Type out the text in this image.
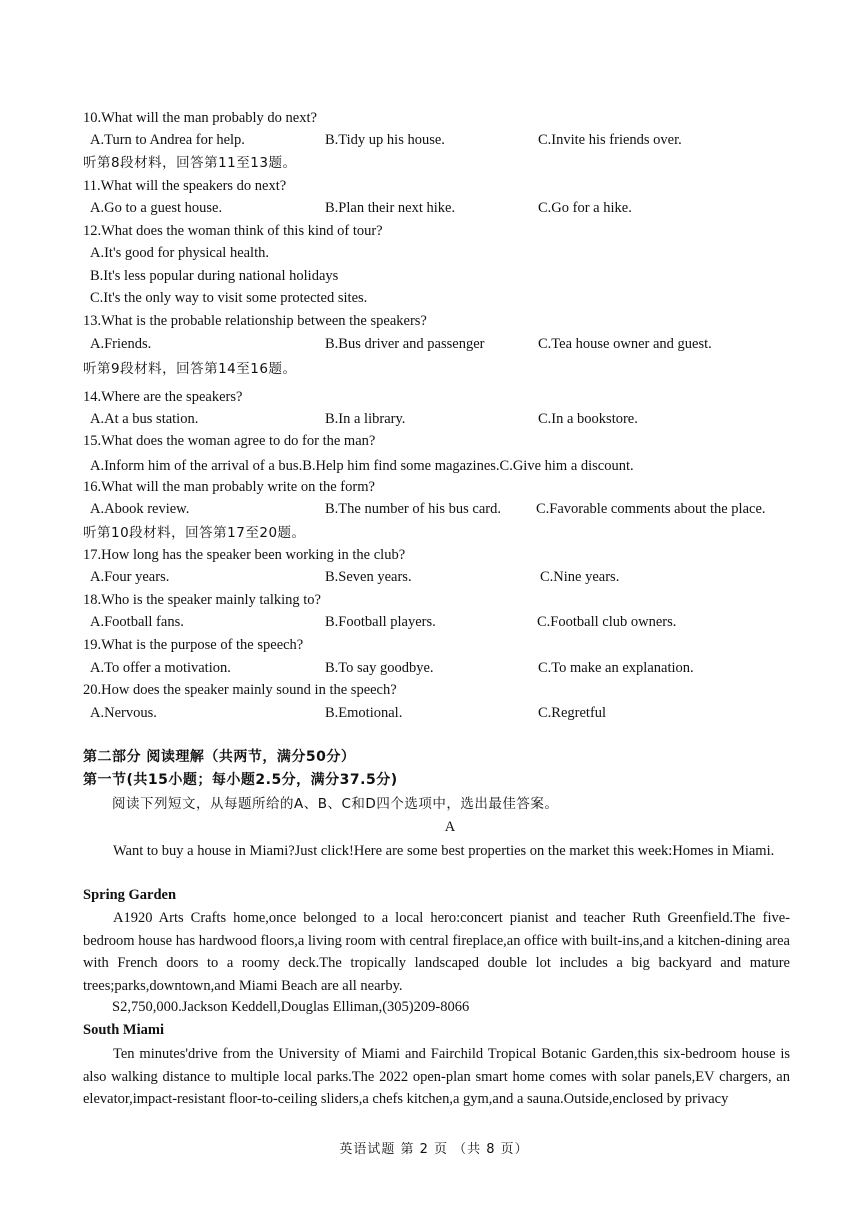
10.What will the man probably do next?
A.Turn to Andrea for help.	B.Tidy up his house.	C.Invite his friends over.
听第8段材料，回答第11至13题。
11.What will the speakers do next?
A.Go to a guest house.	B.Plan their next hike.	C.Go for a hike.
12.What does the woman think of this kind of tour?
A.It's good for physical health.
B.It's less popular during national holidays
C.It's the only way to visit some protected sites.
13.What is the probable relationship between the speakers?
A.Friends.	B.Bus driver and passenger	C.Tea house owner and guest.
听第9段材料，回答第14至16题。
14.Where are the speakers?
A.At a bus station.	B.In a library.	C.In a bookstore.
15.What does the woman agree to do for the man?
A.Inform him of the arrival of a bus.B.Help him find some magazines.C.Give him a discount.
16.What will the man probably write on the form?
A.Abook review.	B.The number of his bus card. C.Favorable comments about the place.
听第10段材料，回答第17至20题。
17.How long has the speaker been working in the club?
A.Four years.	B.Seven years.	C.Nine years.
18.Who is the speaker mainly talking to?
A.Football fans.	B.Football players.	C.Football club owners.
19.What is the purpose of the speech?
A.To offer a motivation.	B.To say goodbye.	C.To make an explanation.
20.How does the speaker mainly sound in the speech?
A.Nervous.	B.Emotional.	C.Regretful
第二部分 阅读理解（共两节，满分50分）
第一节(共15小题；每小题2.5分，满分37.5分)
阅读下列短文，从每题所给的A、B、C和D四个选项中，选出最佳答案。
A
Want to buy a house in Miami?Just click!Here are some best properties on the market this week:Homes in Miami.
Spring Garden
A1920 Arts Crafts home,once belonged to a local hero:concert pianist and teacher Ruth Greenfield.The five-bedroom house has hardwood floors,a living room with central fireplace,an office with built-ins,and a kitchen-dining area with French doors to a roomy deck.The tropically landscaped double lot includes a big backyard and mature trees;parks,downtown,and Miami Beach are all nearby.
S2,750,000.Jackson Keddell,Douglas Elliman,(305)209-8066
South Miami
Ten minutes'drive from the University of Miami and Fairchild Tropical Botanic Garden,this six-bedroom house is also walking distance to multiple local parks.The 2022 open-plan smart home comes with solar panels,EV chargers, an elevator,impact-resistant floor-to-ceiling sliders,a chefs kitchen,a gym,and a sauna.Outside,enclosed by privacy
英语试题 第 2 页 （共 8 页）
